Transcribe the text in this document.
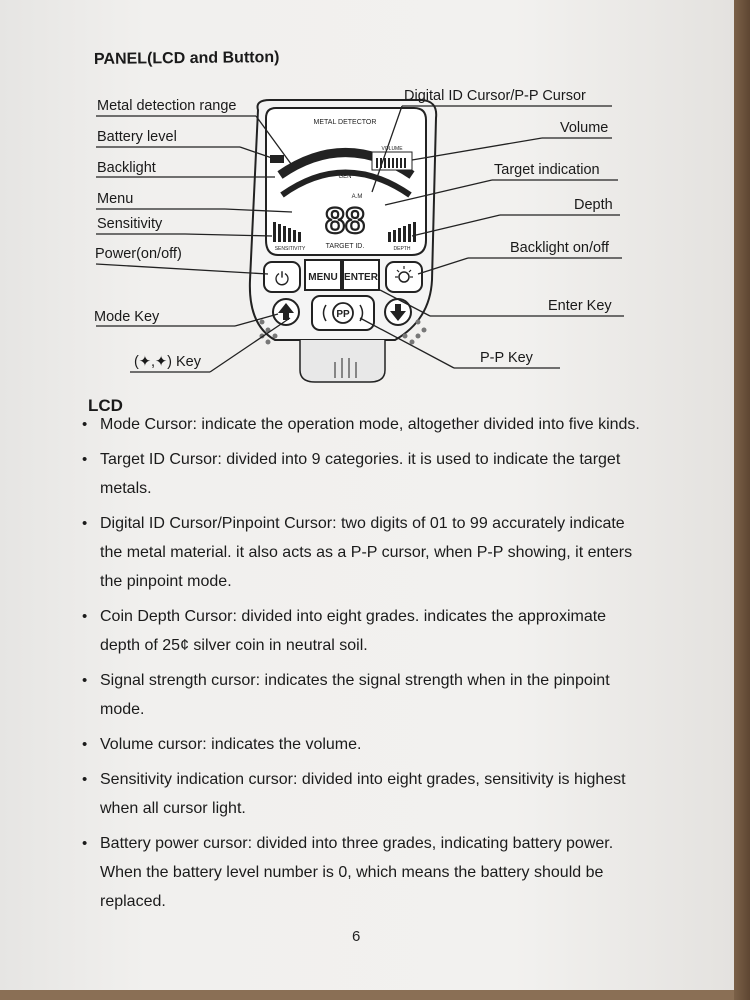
PANEL(LCD and Button)
88
METAL DETECTOR
TARGET ID.
SENSITIVITY	DEPTH
VOLUME
GEN
A.M
⏻ MENU ENTER
PP
Metal detection range
Battery level
Backlight
Menu
Sensitivity
Power(on/off)
Mode Key
(✦,✦) Key
Digital ID Cursor/P-P Cursor
Volume
Target indication
Depth
Backlight on/off
Enter Key
P-P Key
LCD
• Mode Cursor: indicate the operation mode, altogether divided into five kinds.
• Target ID Cursor: divided into 9 categories. it is used to indicate the target metals.
• Digital ID Cursor/Pinpoint Cursor: two digits of 01 to 99 accurately indicate the metal material. it also acts as a P-P cursor, when P-P showing, it enters the pinpoint mode.
• Coin Depth Cursor: divided into eight grades. indicates the approximate depth of 25¢ silver coin in neutral soil.
• Signal strength cursor: indicates the signal strength when in the pinpoint mode.
• Volume cursor: indicates the volume.
• Sensitivity indication cursor: divided into eight grades, sensitivity is highest when all cursor light.
• Battery power cursor: divided into three grades, indicating battery power. When the battery level number is 0, which means the battery should be replaced.
6
